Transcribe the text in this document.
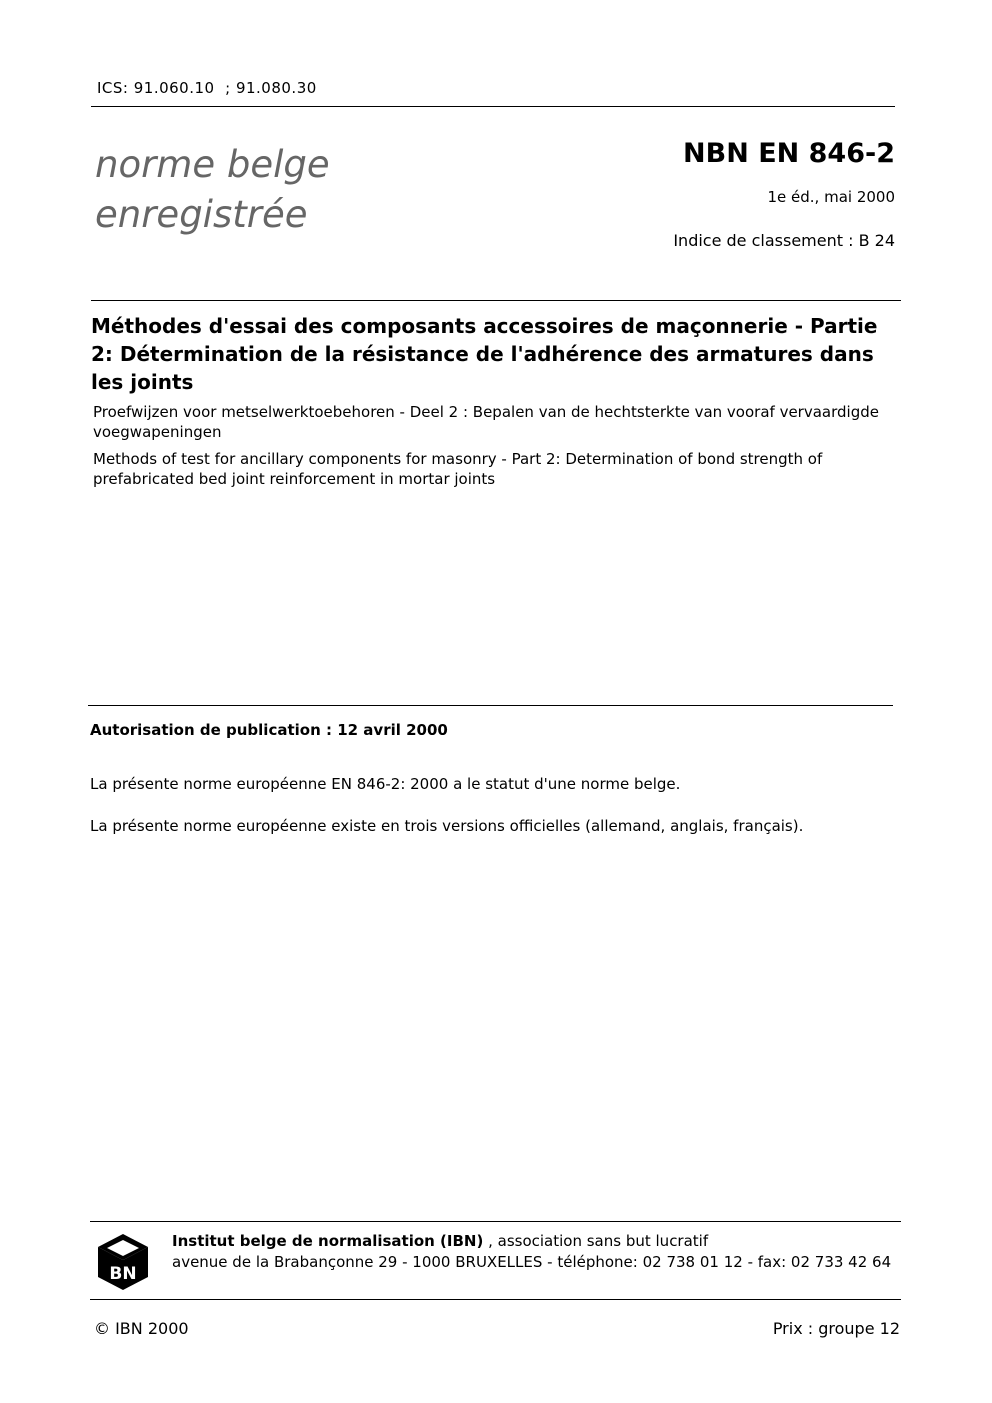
ICS: 91.060.10  ; 91.080.30
norme belge
enregistrée
NBN EN 846-2
1e éd., mai 2000
Indice de classement : B 24
Méthodes d'essai des composants accessoires de maçonnerie - Partie 2: Détermination de la résistance de l'adhérence des armatures dans les joints
Proefwijzen voor metselwerktoebehoren - Deel 2 : Bepalen van de hechtsterkte van vooraf vervaardigde voegwapeningen
Methods of test for ancillary components for masonry - Part 2: Determination of bond strength of prefabricated bed joint reinforcement in mortar joints
Autorisation de publication : 12 avril 2000
La présente norme européenne EN 846-2: 2000 a le statut d'une norme belge.
La présente norme européenne existe en trois versions officielles (allemand, anglais, français).
BN
Institut belge de normalisation (IBN) , association sans but lucratif
avenue de la Brabançonne 29 - 1000 BRUXELLES - téléphone: 02 738 01 12 - fax: 02 733 42 64
© IBN 2000	Prix : groupe 12
